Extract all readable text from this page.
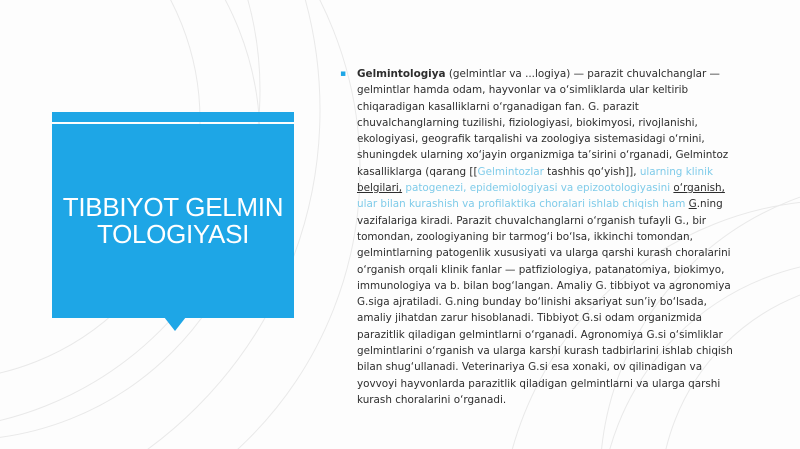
TIBBIYOT GELMINTOLOGIYASI
▪ Gelmintologiya (gelmintlar va ...logiya) — parazit chuvalchanglar — gelmintlar hamda odam, hayvonlar va o‘simliklarda ular keltirib chiqaradigan kasalliklarni o‘rganadigan fan. G. parazit chuvalchanglarning tuzilishi, fiziologiyasi, biokimyosi, rivojlanishi, ekologiyasi, geografik tarqalishi va zoologiya sistemasidagi o‘rnini, shuningdek ularning xo‘jayin organizmiga ta’sirini o‘rganadi, Gelmintoz kasalliklarga (qarang [[Gelmintozlar tashhis qo‘yish]], ularning klinik belgilari, patogenezi, epidemiologiyasi va epizootologiyasini o‘rganish, ular bilan kurashish va profilaktika choralari ishlab chiqish ham G.ning vazifalariga kiradi. Parazit chuvalchanglarni o‘rganish tufayli G., bir tomondan, zoologiyaning bir tarmog‘i bo‘lsa, ikkinchi tomondan, gelmintlarning patogenlik xususiyati va ularga qarshi kurash choralarini o‘rganish orqali klinik fanlar — patfiziologiya, patanatomiya, biokimyo, immunologiya va b. bilan bog‘langan. Amaliy G. tibbiyot va agronomiya G.siga ajratiladi. G.ning bunday bo‘linishi aksariyat sun’iy bo‘lsada, amaliy jihatdan zarur hisoblanadi. Tibbiyot G.si odam organizmida parazitlik qiladigan gelmintlarni o‘rganadi. Agronomiya G.si o‘simliklar gelmintlarini o‘rganish va ularga karshi kurash tadbirlarini ishlab chiqish bilan shug‘ullanadi. Veterinariya G.si esa xonaki, ov qilinadigan va yovvoyi hayvonlarda parazitlik qiladigan gelmintlarni va ularga qarshi kurash choralarini o‘rganadi.
